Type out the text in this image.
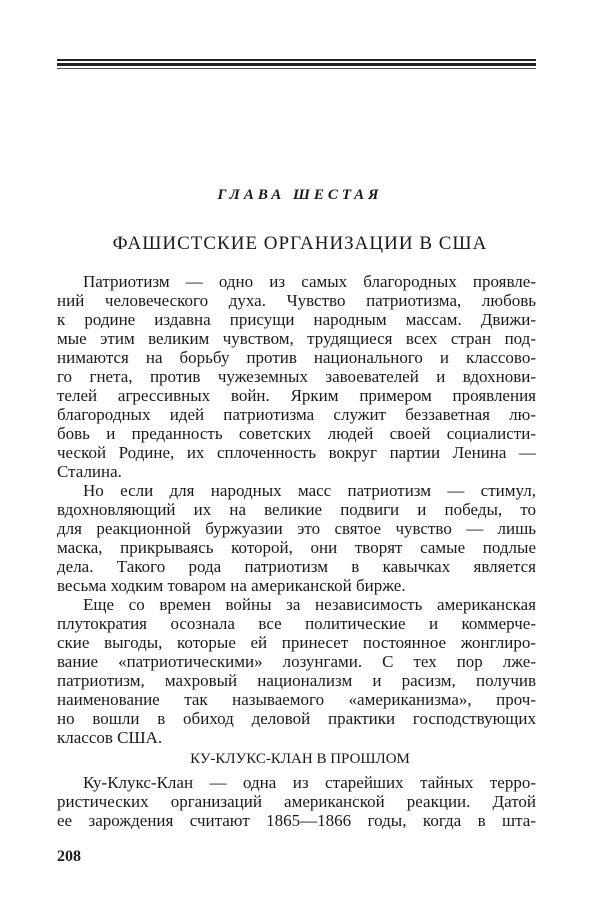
ГЛАВА ШЕСТАЯ
ФАШИСТСКИЕ ОРГАНИЗАЦИИ В США
Патриотизм — одно из самых благородных проявле-
ний человеческого духа. Чувство патриотизма, любовь
к родине издавна присущи народным массам. Движи-
мые этим великим чувством, трудящиеся всех стран под-
нимаются на борьбу против национального и классово-
го гнета, против чужеземных завоевателей и вдохнови-
телей агрессивных войн. Ярким примером проявления
благородных идей патриотизма служит беззаветная лю-
бовь и преданность советских людей своей социалисти-
ческой Родине, их сплоченность вокруг партии Ленина —
Сталина.
Но если для народных масс патриотизм — стимул,
вдохновляющий их на великие подвиги и победы, то
для реакционной буржуазии это святое чувство — лишь
маска, прикрываясь которой, они творят самые подлые
дела. Такого рода патриотизм в кавычках является
весьма ходким товаром на американской бирже.
Еще со времен войны за независимость американская
плутократия осознала все политические и коммерче-
ские выгоды, которые ей принесет постоянное жонглиро-
вание «патриотическими» лозунгами. С тех пор лже-
патриотизм, махровый национализм и расизм, получив
наименование так называемого «американизма», проч-
но вошли в обиход деловой практики господствующих
классов США.
КУ-КЛУКС-КЛАН В ПРОШЛОМ
Ку-Клукс-Клан — одна из старейших тайных терро-
ристических организаций американской реакции. Датой
ее зарождения считают 1865—1866 годы, когда в шта-
208
